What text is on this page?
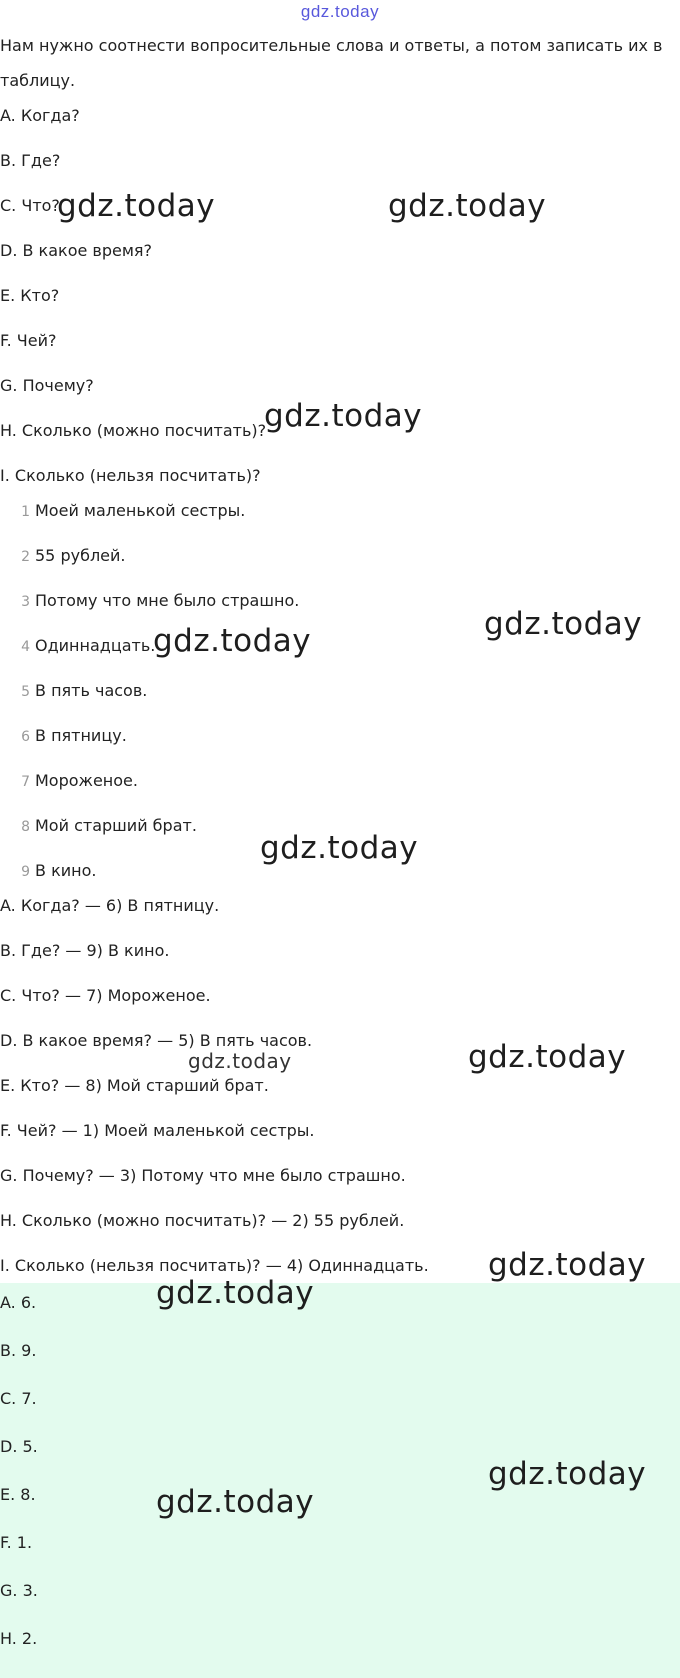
gdz.today

Нам нужно соотнести вопросительные слова и ответы, а потом записать их в таблицу.

A. Когда?

B. Где?

C. Что?

D. В какое время?

E. Кто?

F. Чей?

G. Почему?

H. Сколько (можно посчитать)?

I. Сколько (нельзя посчитать)?

1 Моей маленькой сестры.

2 55 рублей.

3 Потому что мне было страшно.

4 Одиннадцать.

5 В пять часов.

6 В пятницу.

7 Мороженое.

8 Мой старший брат.

9 В кино.

A. Когда? — 6) В пятницу.

B. Где? — 9) В кино.

C. Что? — 7) Мороженое.

D. В какое время? — 5) В пять часов.

E. Кто? — 8) Мой старший брат.

F. Чей? — 1) Моей маленькой сестры.

G. Почему? — 3) Потому что мне было страшно.

H. Сколько (можно посчитать)? — 2) 55 рублей.

I. Сколько (нельзя посчитать)? — 4) Одиннадцать.

A. 6.

B. 9.

C. 7.

D. 5.

E. 8.

F. 1.

G. 3.

H. 2.

gdz.today	gdz.today
gdz.today
gdz.today
gdz.today
gdz.today
gdz.today	gdz.today
gdz.today
gdz.today
gdz.today
gdz.today
